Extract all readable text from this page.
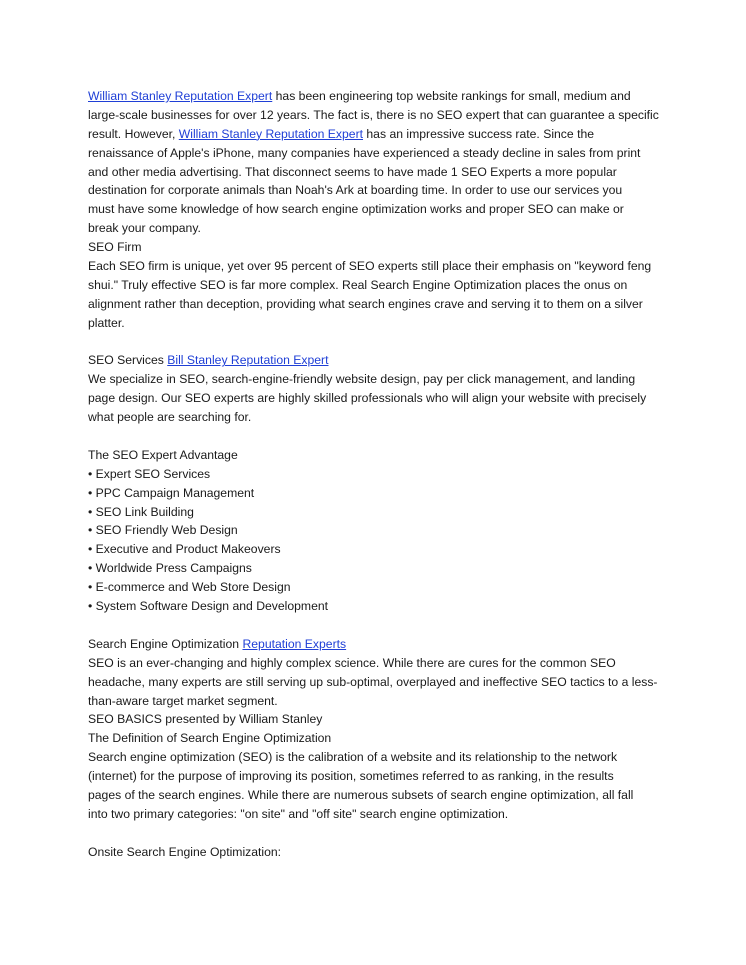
William Stanley Reputation Expert has been engineering top website rankings for small, medium and
large-scale businesses for over 12 years. The fact is, there is no SEO expert that can guarantee a specific
result. However, William Stanley Reputation Expert has an impressive success rate. Since the
renaissance of Apple's iPhone, many companies have experienced a steady decline in sales from print
and other media advertising. That disconnect seems to have made 1 SEO Experts a more popular
destination for corporate animals than Noah's Ark at boarding time. In order to use our services you
must have some knowledge of how search engine optimization works and proper SEO can make or
break your company.
SEO Firm
Each SEO firm is unique, yet over 95 percent of SEO experts still place their emphasis on "keyword feng
shui." Truly effective SEO is far more complex. Real Search Engine Optimization places the onus on
alignment rather than deception, providing what search engines crave and serving it to them on a silver
platter.
SEO Services Bill Stanley Reputation Expert
We specialize in SEO, search-engine-friendly website design, pay per click management, and landing
page design. Our SEO experts are highly skilled professionals who will align your website with precisely
what people are searching for.
The SEO Expert Advantage
• Expert SEO Services
• PPC Campaign Management
• SEO Link Building
• SEO Friendly Web Design
• Executive and Product Makeovers
• Worldwide Press Campaigns
• E-commerce and Web Store Design
• System Software Design and Development
Search Engine Optimization Reputation Experts
SEO is an ever-changing and highly complex science. While there are cures for the common SEO
headache, many experts are still serving up sub-optimal, overplayed and ineffective SEO tactics to a less-
than-aware target market segment.
SEO BASICS presented by William Stanley
The Definition of Search Engine Optimization
Search engine optimization (SEO) is the calibration of a website and its relationship to the network
(internet) for the purpose of improving its position, sometimes referred to as ranking, in the results
pages of the search engines. While there are numerous subsets of search engine optimization, all fall
into two primary categories: "on site" and "off site" search engine optimization.
Onsite Search Engine Optimization:
